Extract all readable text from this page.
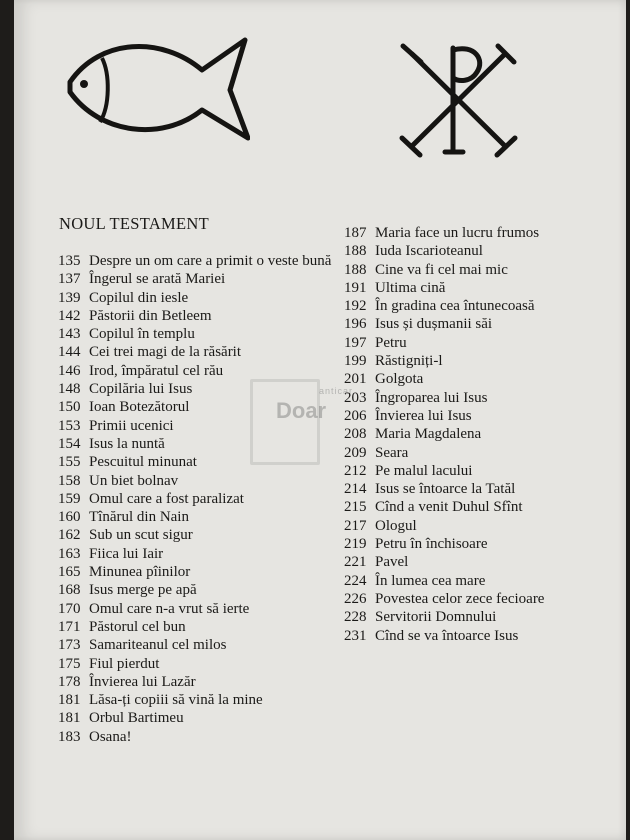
anticar
Doar
NOUL TESTAMENT
135 Despre un om care a primit o veste bună
137 Îngerul se arată Mariei
139 Copilul din iesle
142 Păstorii din Betleem
143 Copilul în templu
144 Cei trei magi de la răsărit
146 Irod, împăratul cel rău
148 Copilăria lui Isus
150 Ioan Botezătorul
153 Primii ucenici
154 Isus la nuntă
155 Pescuitul minunat
158 Un biet bolnav
159 Omul care a fost paralizat
160 Tînărul din Nain
162 Sub un scut sigur
163 Fiica lui Iair
165 Minunea pîinilor
168 Isus merge pe apă
170 Omul care n-a vrut să ierte
171 Păstorul cel bun
173 Samariteanul cel milos
175 Fiul pierdut
178 Învierea lui Lazăr
181 Lăsa-ți copiii să vină la mine
181 Orbul Bartimeu
183 Osana!
187 Maria face un lucru frumos
188 Iuda Iscarioteanul
188 Cine va fi cel mai mic
191 Ultima cină
192 În gradina cea întunecoasă
196 Isus și dușmanii săi
197 Petru
199 Răstigniți-l
201 Golgota
203 Îngroparea lui Isus
206 Învierea lui Isus
208 Maria Magdalena
209 Seara
212 Pe malul lacului
214 Isus se întoarce la Tatăl
215 Cînd a venit Duhul Sfînt
217 Ologul
219 Petru în închisoare
221 Pavel
224 În lumea cea mare
226 Povestea celor zece fecioare
228 Servitorii Domnului
231 Cînd se va întoarce Isus
